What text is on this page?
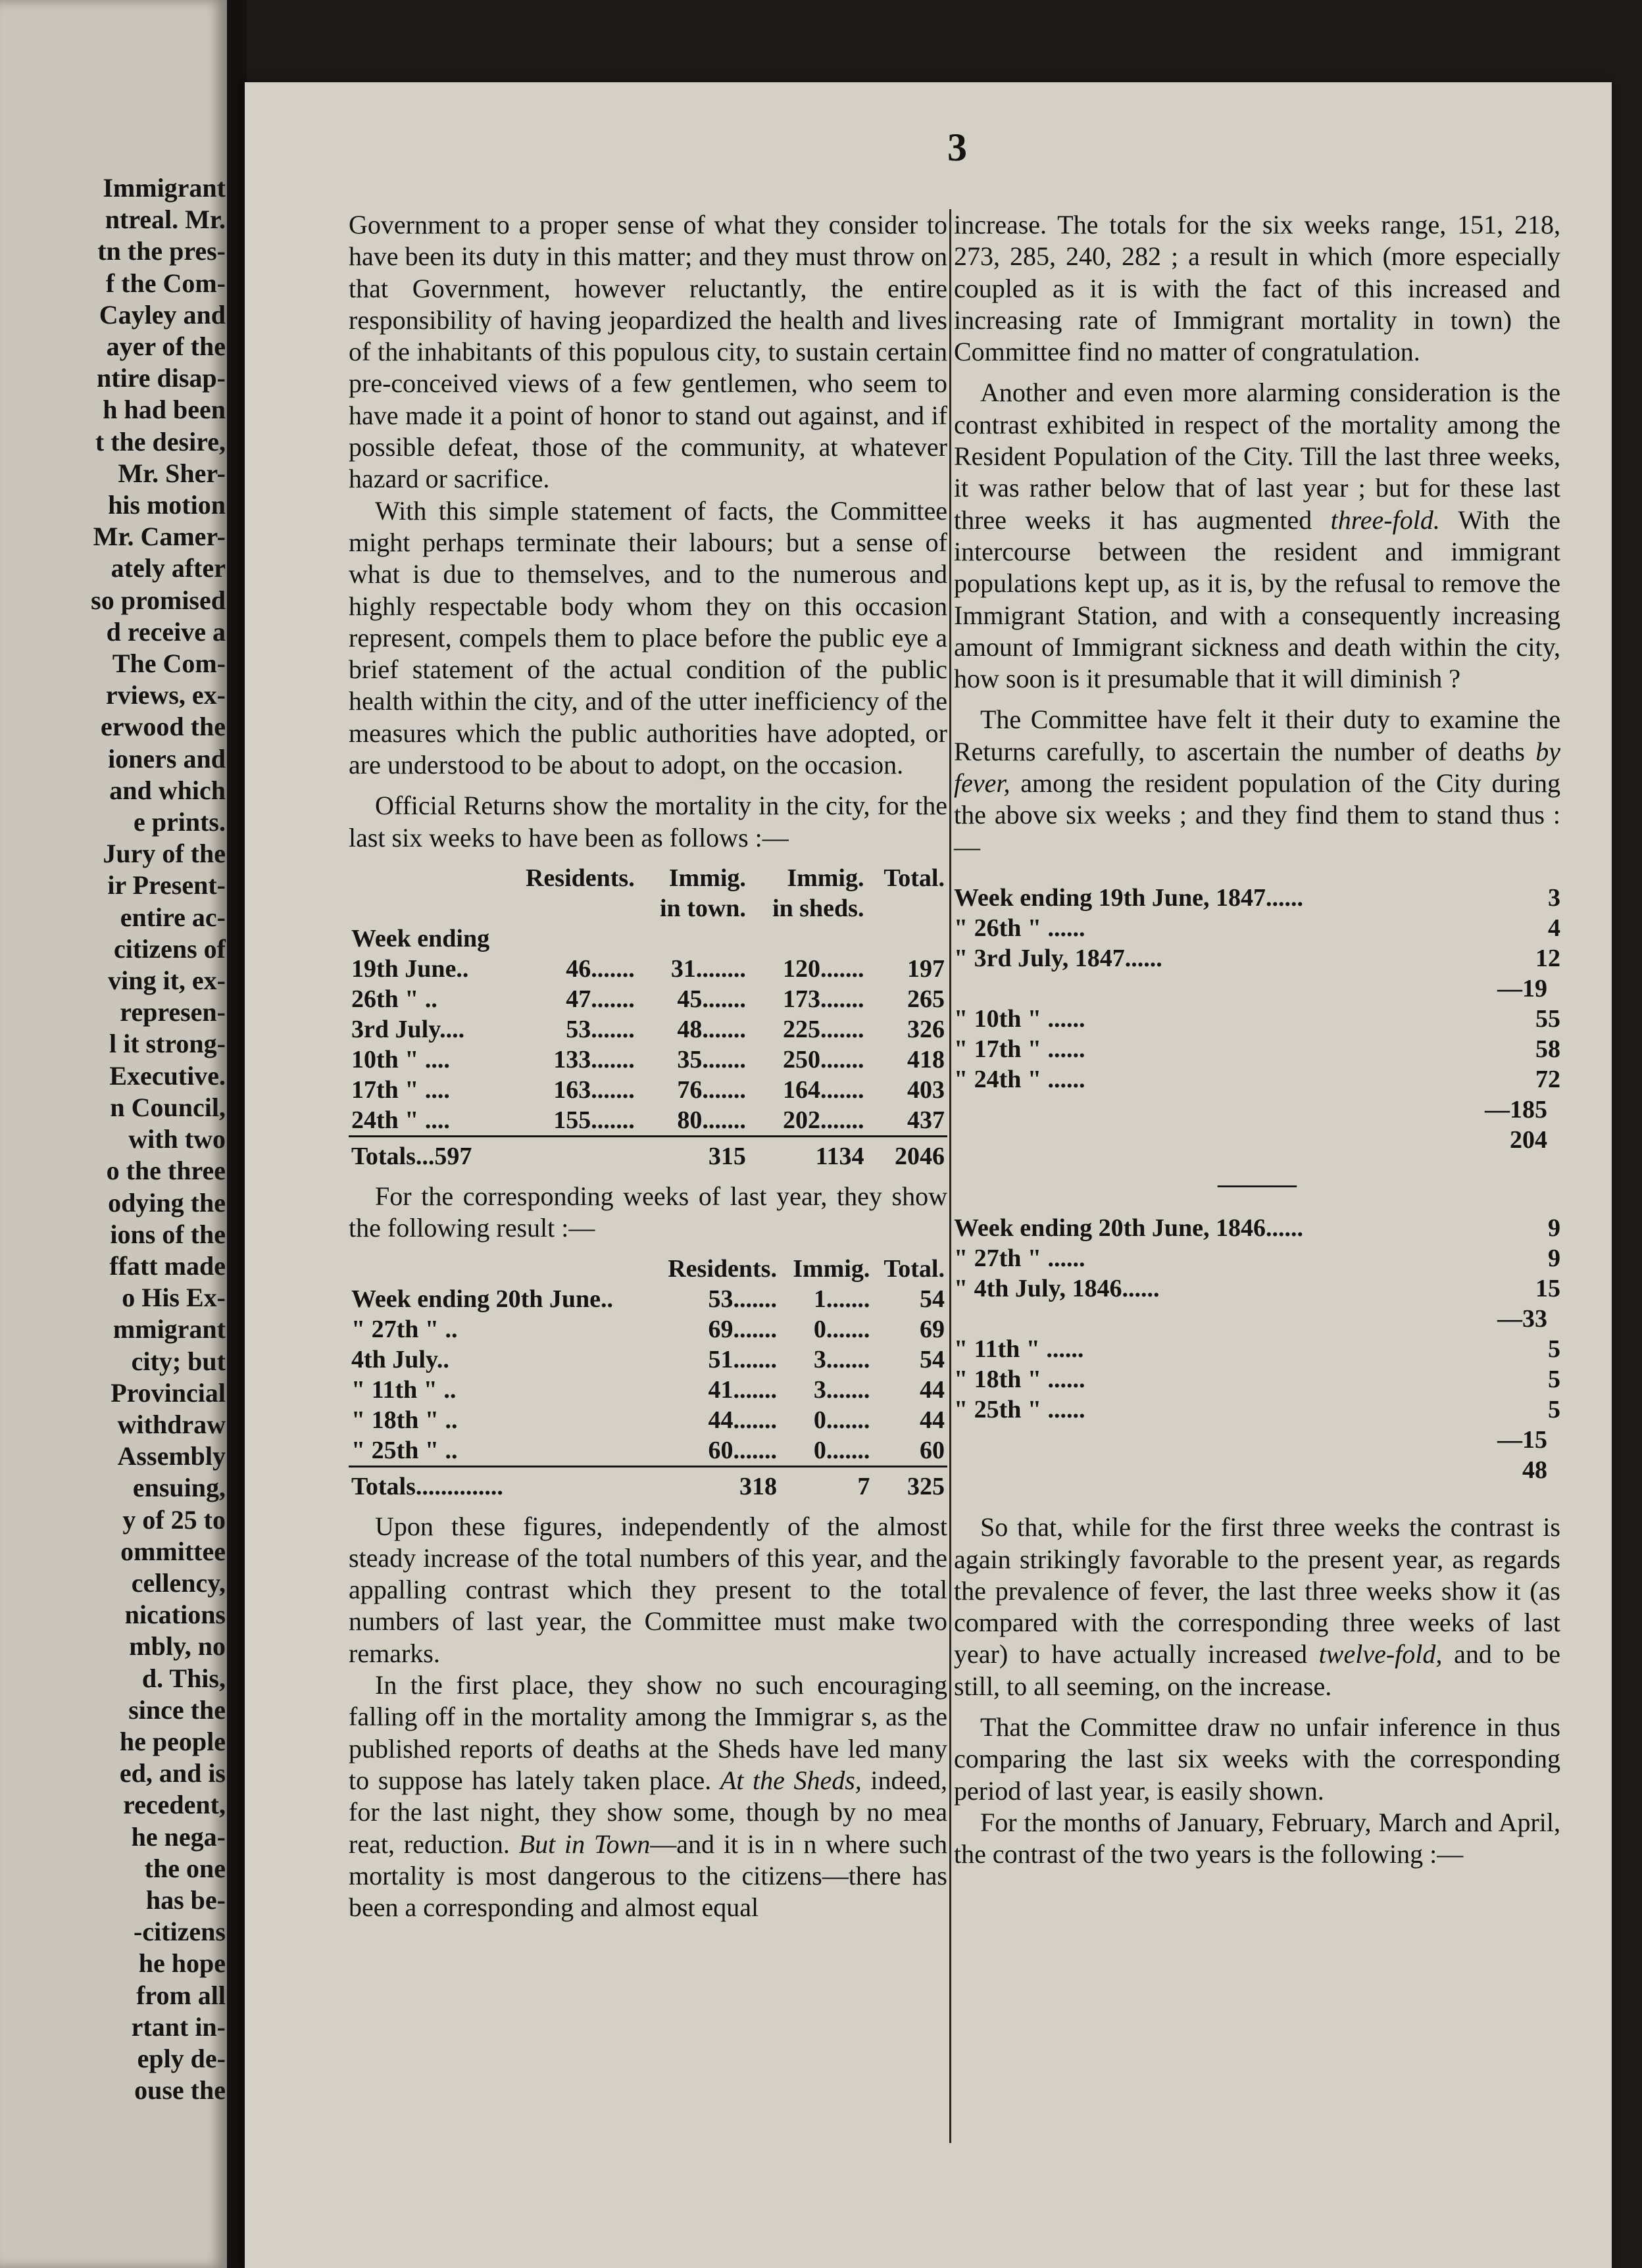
Immigrant
ntreal. Mr.
tn the pres-
f the Com-
Cayley and
ayer of the
ntire disap-
h had been
t the desire,
Mr. Sher-
his motion
Mr. Camer-
ately after
so promised
d receive a
The Com-
rviews, ex-
erwood the
ioners and
and which
e prints.
Jury of the
ir Present-
entire ac-
citizens of
ving it, ex-
represen-
l it strong-
Executive.
n Council,
with two
o the three
odying the
ions of the
ffatt made
o His Ex-
mmigrant
city; but
Provincial
withdraw
Assembly
ensuing,
y of 25 to
ommittee
cellency,
nications
mbly, no
d. This,
since the
he people
ed, and is
recedent,
he nega-
the one
has be-
-citizens
he hope
from all
rtant in-
eply de-
ouse the
3

Government to a proper sense of what they consider to have been its duty in this matter; and they must throw on that Government, however reluctantly, the entire responsibility of having jeopardized the health and lives of the inhabitants of this populous city, to sustain certain pre-conceived views of a few gentlemen, who seem to have made it a point of honor to stand out against, and if possible defeat, those of the community, at whatever hazard or sacrifice.

With this simple statement of facts, the Committee might perhaps terminate their labours; but a sense of what is due to themselves, and to the numerous and highly respectable body whom they on this occasion represent, compels them to place before the public eye a brief statement of the actual condition of the public health within the city, and of the utter inefficiency of the measures which the public authorities have adopted, or are understood to be about to adopt, on the occasion.

Official Returns show the mortality in the city, for the last six weeks to have been as follows :—

	Residents.	Immig.	Immig.	Total.
		in town.	in sheds.	
Week ending				
19th June..	46.......	31........	120.......	197
26th " ..	47.......	45.......	173.......	265
3rd July....	53.......	48.......	225.......	326
10th " ....	133.......	35.......	250.......	418
17th " ....	163.......	76.......	164.......	403
24th " ....	155.......	80.......	202.......	437

Totals...597		315	1134	2046

For the corresponding weeks of last year, they show the following result :—

	Residents.	Immig.	Total.
Week ending 20th June..	53.......	1.......	54
" 27th " ..	69.......	0.......	69
4th July..	51.......	3.......	54
" 11th " ..	41.......	3.......	44
" 18th " ..	44.......	0.......	44
" 25th " ..	60.......	0.......	60

Totals..............	318	7	325

Upon these figures, independently of the almost steady increase of the total numbers of this year, and the appalling contrast which they present to the total numbers of last year, the Committee must make two remarks.

In the first place, they show no such encouraging falling off in the mortality among the Immigrar s, as the published reports of deaths at the Sheds have led many to suppose has lately taken place. At the Sheds, indeed, for the last night, they show some, though by no mea reat, reduction. But in Town—and it is in n where such mortality is most dangerous to the citizens—there has been a corresponding and almost equal

increase. The totals for the six weeks range, 151, 218, 273, 285, 240, 282 ; a result in which (more especially coupled as it is with the fact of this increased and increasing rate of Immigrant mortality in town) the Committee find no matter of congratulation.

Another and even more alarming consideration is the contrast exhibited in respect of the mortality among the Resident Population of the City. Till the last three weeks, it was rather below that of last year ; but for these last three weeks it has augmented three-fold. With the intercourse between the resident and immigrant populations kept up, as it is, by the refusal to remove the Immigrant Station, and with a consequently increasing amount of Immigrant sickness and death within the city, how soon is it presumable that it will diminish ?

The Committee have felt it their duty to examine the Returns carefully, to ascertain the number of deaths by fever, among the resident population of the City during the above six weeks ; and they find them to stand thus :—

Week ending 19th June, 1847......	3
" 26th " ......	4
" 3rd July, 1847......	12
—19
" 10th " ......	55
" 17th " ......	58
" 24th " ......	72
—185
204
———
Week ending 20th June, 1846......	9
" 27th " ......	9
" 4th July, 1846......	15
—33
" 11th " ......	5
" 18th " ......	5
" 25th " ......	5
—15
48

So that, while for the first three weeks the contrast is again strikingly favorable to the present year, as regards the prevalence of fever, the last three weeks show it (as compared with the corresponding three weeks of last year) to have actually increased twelve-fold, and to be still, to all seeming, on the increase.

That the Committee draw no unfair inference in thus comparing the last six weeks with the corresponding period of last year, is easily shown.

For the months of January, February, March and April, the contrast of the two years is the following :—
